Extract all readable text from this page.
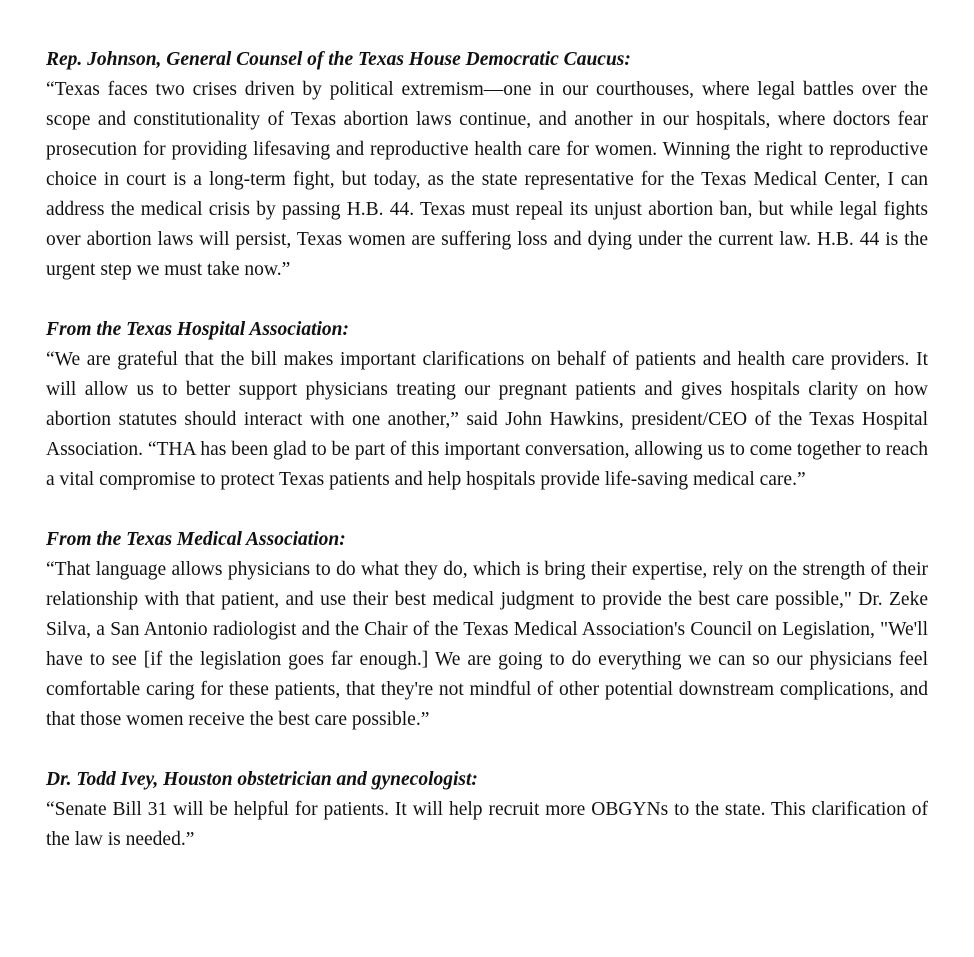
Rep. Johnson, General Counsel of the Texas House Democratic Caucus:

“Texas faces two crises driven by political extremism—one in our courthouses, where legal battles over the scope and constitutionality of Texas abortion laws continue, and another in our hospitals, where doctors fear prosecution for providing lifesaving and reproductive health care for women. Winning the right to reproductive choice in court is a long-term fight, but today, as the state representative for the Texas Medical Center, I can address the medical crisis by passing H.B. 44. Texas must repeal its unjust abortion ban, but while legal fights over abortion laws will persist, Texas women are suffering loss and dying under the current law. H.B. 44 is the urgent step we must take now.”

From the Texas Hospital Association:

“We are grateful that the bill makes important clarifications on behalf of patients and health care providers. It will allow us to better support physicians treating our pregnant patients and gives hospitals clarity on how abortion statutes should interact with one another,” said John Hawkins, president/CEO of the Texas Hospital Association. “THA has been glad to be part of this important conversation, allowing us to come together to reach a vital compromise to protect Texas patients and help hospitals provide life-saving medical care.”

From the Texas Medical Association:

“That language allows physicians to do what they do, which is bring their expertise, rely on the strength of their relationship with that patient, and use their best medical judgment to provide the best care possible," Dr. Zeke Silva, a San Antonio radiologist and the Chair of the Texas Medical Association's Council on Legislation, "We'll have to see [if the legislation goes far enough.] We are going to do everything we can so our physicians feel comfortable caring for these patients, that they're not mindful of other potential downstream complications, and that those women receive the best care possible.”

Dr. Todd Ivey, Houston obstetrician and gynecologist:

“Senate Bill 31 will be helpful for patients. It will help recruit more OBGYNs to the state. This clarification of the law is needed.”
